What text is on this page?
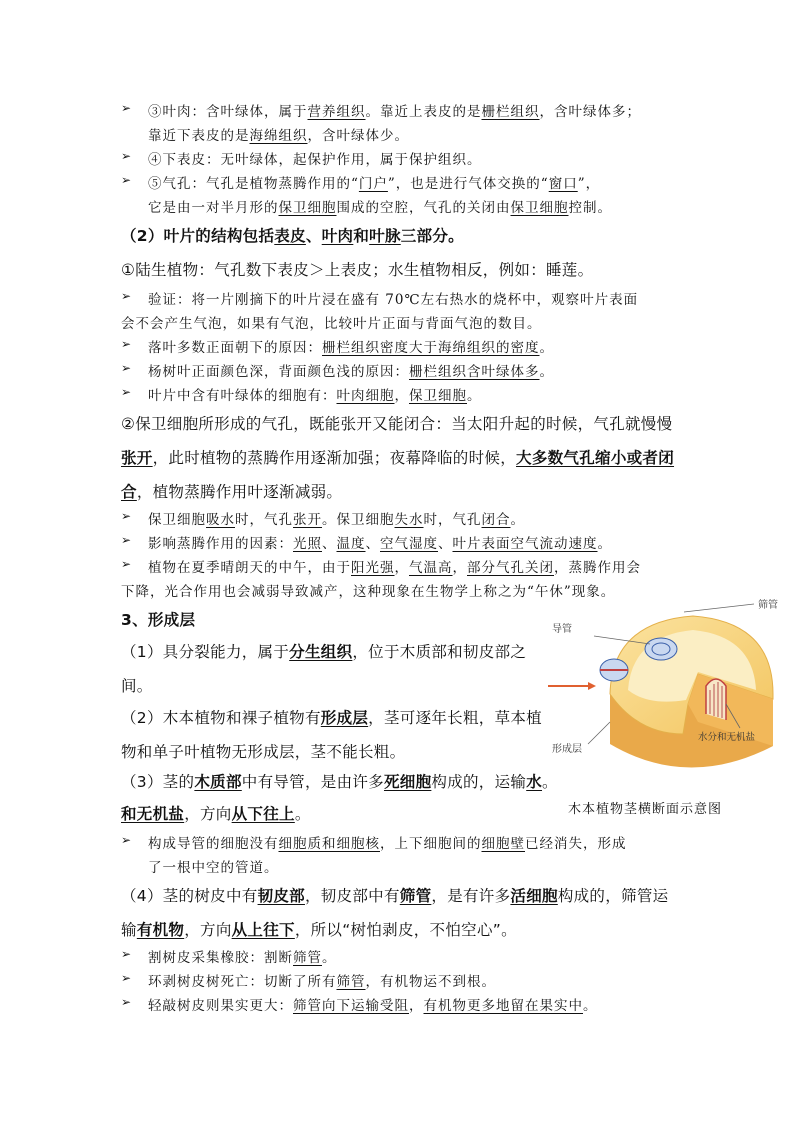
➢ ③叶肉：含叶绿体，属于营养组织。靠近上表皮的是栅栏组织，含叶绿体多；
靠近下表皮的是海绵组织，含叶绿体少。
➢ ④下表皮：无叶绿体，起保护作用，属于保护组织。
➢ ⑤气孔：气孔是植物蒸腾作用的“门户”，也是进行气体交换的“窗口”，
它是由一对半月形的保卫细胞围成的空腔，气孔的关闭由保卫细胞控制。
（2）叶片的结构包括表皮、叶肉和叶脉三部分。
①陆生植物：气孔数下表皮＞上表皮；水生植物相反，例如：睡莲。
➢ 验证：将一片刚摘下的叶片浸在盛有 70℃左右热水的烧杯中，观察叶片表面
会不会产生气泡，如果有气泡，比较叶片正面与背面气泡的数目。
➢ 落叶多数正面朝下的原因：栅栏组织密度大于海绵组织的密度。
➢ 杨树叶正面颜色深，背面颜色浅的原因：栅栏组织含叶绿体多。
➢ 叶片中含有叶绿体的细胞有：叶肉细胞，保卫细胞。
②保卫细胞所形成的气孔，既能张开又能闭合：当太阳升起的时候，气孔就慢慢
张开，此时植物的蒸腾作用逐渐加强；夜幕降临的时候，大多数气孔缩小或者闭
合，植物蒸腾作用叶逐渐减弱。
➢ 保卫细胞吸水时，气孔张开。保卫细胞失水时，气孔闭合。
➢ 影响蒸腾作用的因素：光照、温度、空气湿度、叶片表面空气流动速度。
➢ 植物在夏季晴朗天的中午，由于阳光强，气温高，部分气孔关闭，蒸腾作用会
下降，光合作用也会减弱导致减产，这种现象在生物学上称之为“午休”现象。
3、形成层
（1）具分裂能力，属于分生组织，位于木质部和韧皮部之
间。
（2）木本植物和裸子植物有形成层，茎可逐年长粗，草本植
物和单子叶植物无形成层，茎不能长粗。
（3）茎的木质部中有导管，是由许多死细胞构成的，运输水。
和无机盐，方向从下往上。
➢ 构成导管的细胞没有细胞质和细胞核，上下细胞间的细胞壁已经消失，形成
了一根中空的管道。
（4）茎的树皮中有韧皮部，韧皮部中有筛管，是有许多活细胞构成的，筛管运
输有机物，方向从上往下，所以“树怕剥皮，不怕空心”。
➢ 割树皮采集橡胶：割断筛管。
➢ 环剥树皮树死亡：切断了所有筛管，有机物运不到根。
➢ 轻敲树皮则果实更大：筛管向下运输受阻，有机物更多地留在果实中。
导管
筛管
形成层
水分和无机盐
木本植物茎横断面示意图
